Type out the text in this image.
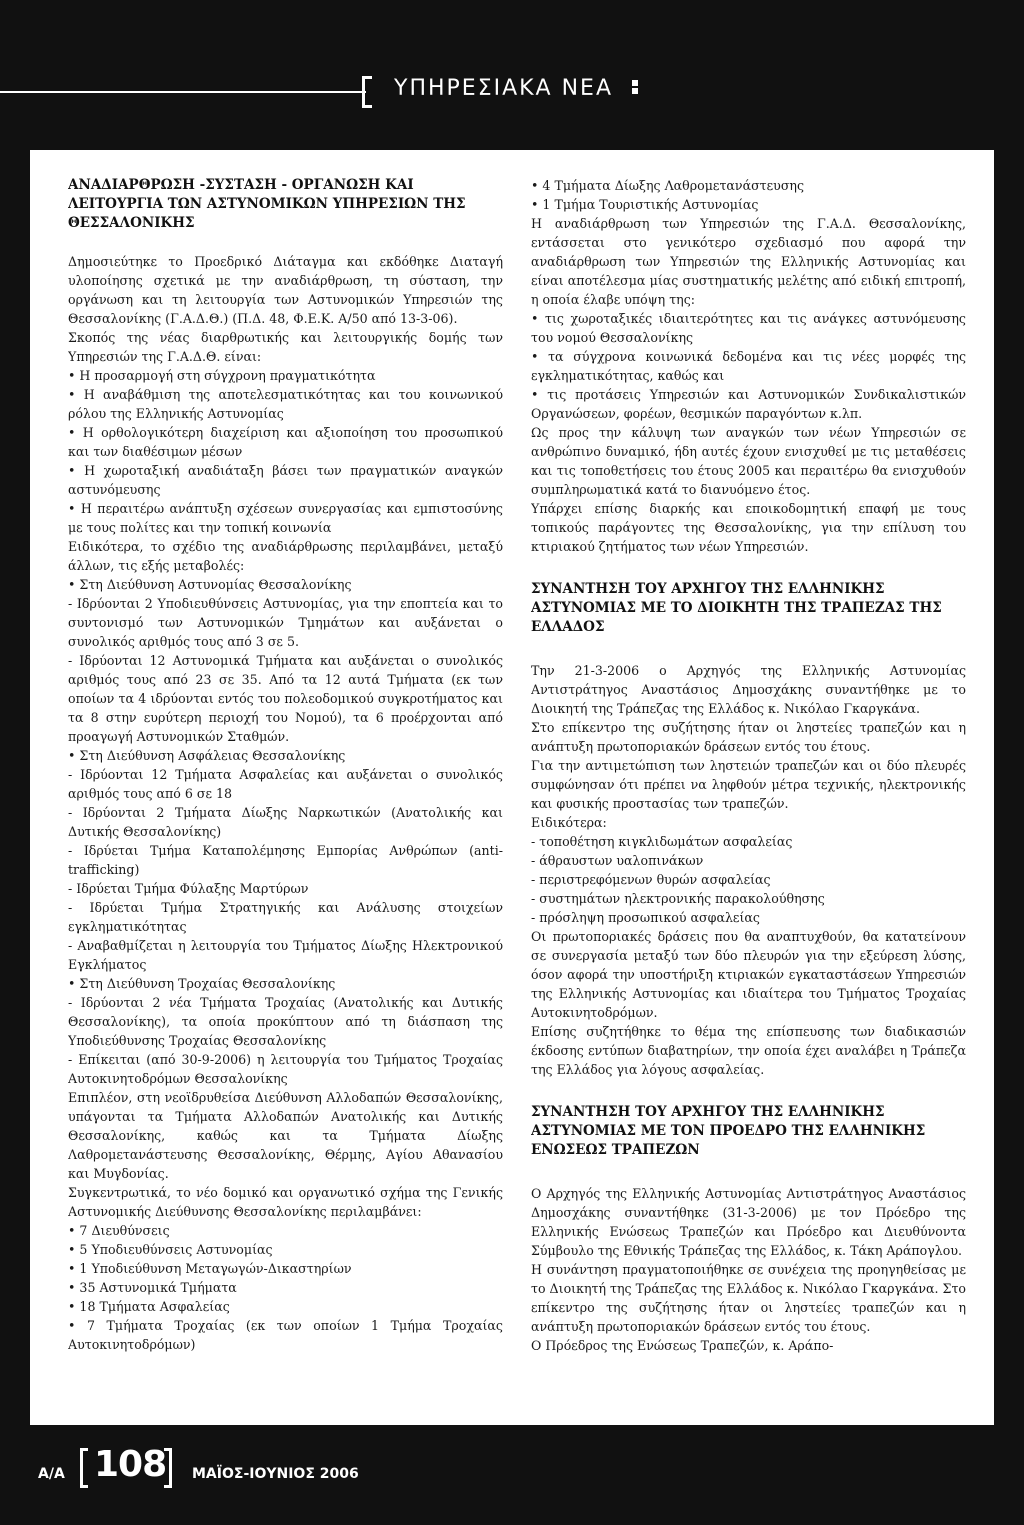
ΥΠΗΡΕΣΙΑΚΑ ΝΕΑ
ΑΝΑΔΙΑΡΘΡΩΣΗ -ΣΥΣΤΑΣΗ - ΟΡΓΑΝΩΣΗ ΚΑΙ ΛΕΙΤΟΥΡΓΙΑ ΤΩΝ ΑΣΤΥΝΟΜΙΚΩΝ ΥΠΗΡΕΣΙΩΝ ΤΗΣ ΘΕΣΣΑΛΟΝΙΚΗΣ

Δημοσιεύτηκε το Προεδρικό Διάταγμα και εκδόθηκε Διαταγή υλοποίησης σχετικά με την αναδιάρθρωση, τη σύσταση, την οργάνωση και τη λειτουργία των Αστυνομικών Υπηρεσιών της Θεσσαλονίκης (Γ.Α.Δ.Θ.) (Π.Δ. 48, Φ.Ε.Κ. Α/50 από 13-3-06).

Σκοπός της νέας διαρθρωτικής και λειτουργικής δομής των Υπηρεσιών της Γ.Α.Δ.Θ. είναι:

• Η προσαρμογή στη σύγχρονη πραγματικότητα

• Η αναβάθμιση της αποτελεσματικότητας και του κοινωνικού ρόλου της Ελληνικής Αστυνομίας

• Η ορθολογικότερη διαχείριση και αξιοποίηση του προσωπικού και των διαθέσιμων μέσων

• Η χωροταξική αναδιάταξη βάσει των πραγματικών αναγκών αστυνόμευσης

• Η περαιτέρω ανάπτυξη σχέσεων συνεργασίας και εμπιστοσύνης με τους πολίτες και την τοπική κοινωνία

Ειδικότερα, το σχέδιο της αναδιάρθρωσης περιλαμβάνει, μεταξύ άλλων, τις εξής μεταβολές:

• Στη Διεύθυνση Αστυνομίας Θεσσαλονίκης

- Ιδρύονται 2 Υποδιευθύνσεις Αστυνομίας, για την εποπτεία και το συντονισμό των Αστυνομικών Τμημάτων και αυξάνεται ο συνολικός αριθμός τους από 3 σε 5.

- Ιδρύονται 12 Αστυνομικά Τμήματα και αυξάνεται ο συνολικός αριθμός τους από 23 σε 35. Από τα 12 αυτά Τμήματα (εκ των οποίων τα 4 ιδρύονται εντός του πολεοδομικού συγκροτήματος και τα 8 στην ευρύτερη περιοχή του Νομού), τα 6 προέρχονται από προαγωγή Αστυνομικών Σταθμών.

• Στη Διεύθυνση Ασφάλειας Θεσσαλονίκης

- Ιδρύονται 12 Τμήματα Ασφαλείας και αυξάνεται ο συνολικός αριθμός τους από 6 σε 18

- Ιδρύονται 2 Τμήματα Δίωξης Ναρκωτικών (Ανατολικής και Δυτικής Θεσσαλονίκης)

- Ιδρύεται Τμήμα Καταπολέμησης Εμπορίας Ανθρώπων (anti-trafficking)

- Ιδρύεται Τμήμα Φύλαξης Μαρτύρων

- Ιδρύεται Τμήμα Στρατηγικής και Ανάλυσης στοιχείων εγκληματικότητας

- Αναβαθμίζεται η λειτουργία του Τμήματος Δίωξης Ηλεκτρονικού Εγκλήματος

• Στη Διεύθυνση Τροχαίας Θεσσαλονίκης

- Ιδρύονται 2 νέα Τμήματα Τροχαίας (Ανατολικής και Δυτικής Θεσσαλονίκης), τα οποία προκύπτουν από τη διάσπαση της Υποδιεύθυνσης Τροχαίας Θεσσαλονίκης

- Επίκειται (από 30-9-2006) η λειτουργία του Τμήματος Τροχαίας Αυτοκινητοδρόμων Θεσσαλονίκης

Επιπλέον, στη νεοϊδρυθείσα Διεύθυνση Αλλοδαπών Θεσσαλονίκης, υπάγονται τα Τμήματα Αλλοδαπών Ανατολικής και Δυτικής Θεσσαλονίκης, καθώς και τα Τμήματα Δίωξης Λαθρομετανάστευσης Θεσσαλονίκης, Θέρμης, Αγίου Αθανασίου και Μυγδονίας.

Συγκεντρωτικά, το νέο δομικό και οργανωτικό σχήμα της Γενικής Αστυνομικής Διεύθυνσης Θεσσαλονίκης περιλαμβάνει:

• 7 Διευθύνσεις

• 5 Υποδιευθύνσεις Αστυνομίας

• 1 Υποδιεύθυνση Μεταγωγών-Δικαστηρίων

• 35 Αστυνομικά Τμήματα

• 18 Τμήματα Ασφαλείας

• 7 Τμήματα Τροχαίας (εκ των οποίων 1 Τμήμα Τροχαίας Αυτοκινητοδρόμων)

• 4 Τμήματα Δίωξης Λαθρομετανάστευσης

• 1 Τμήμα Τουριστικής Αστυνομίας

Η αναδιάρθρωση των Υπηρεσιών της Γ.Α.Δ. Θεσσαλονίκης, εντάσσεται στο γενικότερο σχεδιασμό που αφορά την αναδιάρθρωση των Υπηρεσιών της Ελληνικής Αστυνομίας και είναι αποτέλεσμα μίας συστηματικής μελέτης από ειδική επιτροπή, η οποία έλαβε υπόψη της:

• τις χωροταξικές ιδιαιτερότητες και τις ανάγκες αστυνόμευσης του νομού Θεσσαλονίκης

• τα σύγχρονα κοινωνικά δεδομένα και τις νέες μορφές της εγκληματικότητας, καθώς και

• τις προτάσεις Υπηρεσιών και Αστυνομικών Συνδικαλιστικών Οργανώσεων, φορέων, θεσμικών παραγόντων κ.λπ.

Ως προς την κάλυψη των αναγκών των νέων Υπηρεσιών σε ανθρώπινο δυναμικό, ήδη αυτές έχουν ενισχυθεί με τις μεταθέσεις και τις τοποθετήσεις του έτους 2005 και περαιτέρω θα ενισχυθούν συμπληρωματικά κατά το διανυόμενο έτος.

Υπάρχει επίσης διαρκής και εποικοδομητική επαφή με τους τοπικούς παράγοντες της Θεσσαλονίκης, για την επίλυση του κτιριακού ζητήματος των νέων Υπηρεσιών.

ΣΥΝΑΝΤΗΣΗ ΤΟΥ ΑΡΧΗΓΟΥ ΤΗΣ ΕΛΛΗΝΙΚΗΣ ΑΣΤΥΝΟΜΙΑΣ ΜΕ ΤΟ ΔΙΟΙΚΗΤΗ ΤΗΣ ΤΡΑΠΕΖΑΣ ΤΗΣ ΕΛΛΑΔΟΣ

Την 21-3-2006 ο Αρχηγός της Ελληνικής Αστυνομίας Αντιστράτηγος Αναστάσιος Δημοσχάκης συναντήθηκε με το Διοικητή της Τράπεζας της Ελλάδος κ. Νικόλαο Γκαργκάνα.

Στο επίκεντρο της συζήτησης ήταν οι ληστείες τραπεζών και η ανάπτυξη πρωτοποριακών δράσεων εντός του έτους.

Για την αντιμετώπιση των ληστειών τραπεζών και οι δύο πλευρές συμφώνησαν ότι πρέπει να ληφθούν μέτρα τεχνικής, ηλεκτρονικής και φυσικής προστασίας των τραπεζών.

Ειδικότερα:

- τοποθέτηση κιγκλιδωμάτων ασφαλείας

- άθραυστων υαλοπινάκων

- περιστρεφόμενων θυρών ασφαλείας

- συστημάτων ηλεκτρονικής παρακολούθησης

- πρόσληψη προσωπικού ασφαλείας

Οι πρωτοποριακές δράσεις που θα αναπτυχθούν, θα κατατείνουν σε συνεργασία μεταξύ των δύο πλευρών για την εξεύρεση λύσης, όσον αφορά την υποστήριξη κτιριακών εγκαταστάσεων Υπηρεσιών της Ελληνικής Αστυνομίας και ιδιαίτερα του Τμήματος Τροχαίας Αυτοκινητοδρόμων.

Επίσης συζητήθηκε το θέμα της επίσπευσης των διαδικασιών έκδοσης εντύπων διαβατηρίων, την οποία έχει αναλάβει η Τράπεζα της Ελλάδος για λόγους ασφαλείας.

ΣΥΝΑΝΤΗΣΗ ΤΟΥ ΑΡΧΗΓΟΥ ΤΗΣ ΕΛΛΗΝΙΚΗΣ ΑΣΤΥΝΟΜΙΑΣ ΜΕ ΤΟΝ ΠΡΟΕΔΡΟ ΤΗΣ ΕΛΛΗΝΙΚΗΣ ΕΝΩΣΕΩΣ ΤΡΑΠΕΖΩΝ

Ο Αρχηγός της Ελληνικής Αστυνομίας Αντιστράτηγος Αναστάσιος Δημοσχάκης συναντήθηκε (31-3-2006) με τον Πρόεδρο της Ελληνικής Ενώσεως Τραπεζών και Πρόεδρο και Διευθύνοντα Σύμβουλο της Εθνικής Τράπεζας της Ελλάδος, κ. Τάκη Αράπογλου.

Η συνάντηση πραγματοποιήθηκε σε συνέχεια της προηγηθείσας με το Διοικητή της Τράπεζας της Ελλάδος κ. Νικόλαο Γκαργκάνα. Στο επίκεντρο της συζήτησης ήταν οι ληστείες τραπεζών και η ανάπτυξη πρωτοποριακών δράσεων εντός του έτους.

Ο Πρόεδρος της Ενώσεως Τραπεζών, κ. Αράπο-

Α/Α 108 ΜΑΪΟΣ-ΙΟΥΝΙΟΣ 2006
